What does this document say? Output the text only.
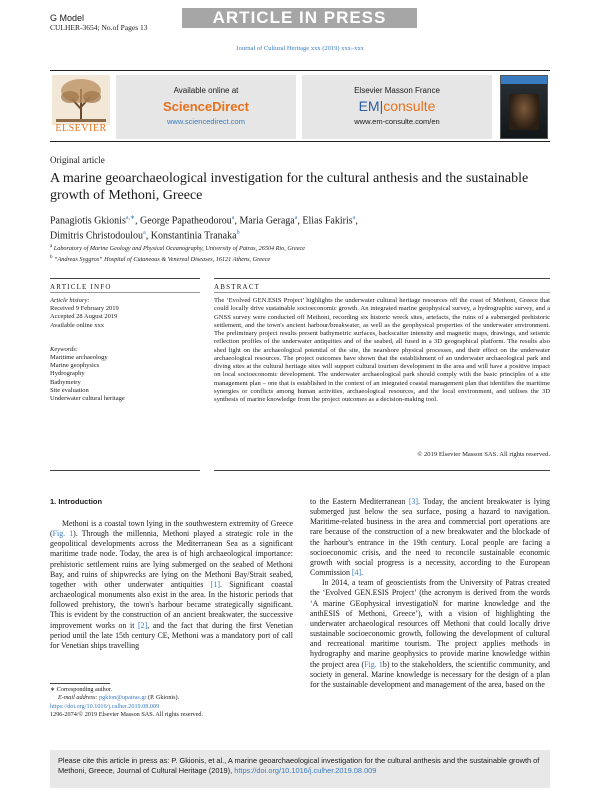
G Model
CULHER-3654; No.of Pages 13
ARTICLE IN PRESS
Journal of Cultural Heritage xxx (2019) xxx–xxx
ELSEVIER
Available online at
ScienceDirect
www.sciencedirect.com
Elsevier Masson France
EM|consulte
www.em-consulte.com/en
Original article
A marine geoarchaeological investigation for the cultural anthesis and the sustainable growth of Methoni, Greece
Panagiotis Gkionis$^{a,∗}$, George Papatheodorou$^a$, Maria Geraga$^a$, Elias Fakiris$^a$,
Dimitris Christodoulou$^a$, Konstantinia Tranaka$^b$
$^a$ Laboratory of Marine Geology and Physical Oceanography, University of Patras, 26504 Rio, Greece
$^b$ “Andreas Syggros” Hospital of Cutaneous & Venereal Diseases, 16121 Athens, Greece
ARTICLE INFO	ABSTRACT
Article history:
Received 9 February 2019
Accepted 28 August 2019
Available online xxx
Keywords:
Maritime archaeology
Marine geophysics
Hydrography
Bathymetry
Site evaluation
Underwater cultural heritage
The ‘Evolved GEN.ESIS Project’ highlights the underwater cultural heritage resources off the coast of Methoni, Greece that could locally drive sustainable socioeconomic growth. An integrated marine geophysical survey, a hydrographic survey, and a GNSS survey were conducted off Methoni, recording six historic wreck sites, artefacts, the ruins of a submerged prehistoric settlement, and the town's ancient harbour/breakwater, as well as the geophysical properties of the underwater environment. The preliminary project results present bathymetric surfaces, backscatter intensity and magnetic maps, drawings, and seismic reflection profiles of the underwater antiquities and of the seabed, all fused in a 3D geographical platform. The results also shed light on the archaeological potential of the site, the nearshore physical processes, and their effect on the underwater archaeological resources. The project outcomes have shown that the establishment of an underwater archaeological park and diving sites at the cultural heritage sites will support cultural tourism development in the area and will have a positive impact on local socioeconomic development. The underwater archaeological park should comply with the basic principles of a site management plan – one that is established in the context of an integrated coastal management plan that identifies the maritime synergies or conflicts among human activities, archaeological resources, and the local environment, and utilises the 3D synthesis of marine knowledge from the project outcomes as a decision-making tool.
© 2019 Elsevier Masson SAS. All rights reserved.
1. Introduction

Methoni is a coastal town lying in the southwestern extremity of Greece (Fig. 1). Through the millennia, Methoni played a strategic role in the geopolitical developments across the Mediterranean Sea as a significant maritime trade node. Today, the area is of high archaeological importance: prehistoric settlement ruins are lying submerged on the seabed of Methoni Bay, and ruins of shipwrecks are lying on the Methoni Bay/Strait seabed, together with other underwater antiquities [1]. Significant coastal archaeological monuments also exist in the area. In the historic periods that followed prehistory, the town's harbour became strategically significant. This is evident by the construction of an ancient breakwater, the successive improvement works on it [2], and the fact that during the first Venetian period until the late 15th century CE, Methoni was a mandatory port of call for Venetian ships travelling

to the Eastern Mediterranean [3]. Today, the ancient breakwater is lying submerged just below the sea surface, posing a hazard to navigation. Maritime-related business in the area and commercial port operations are rare because of the construction of a new breakwater and the blockade of the harbour's entrance in the 19th century. Local people are facing a socioeconomic crisis, and the need to reconcile sustainable economic growth with social progress is a necessity, according to the European Commission [4].

In 2014, a team of geoscientists from the University of Patras created the ‘Evolved GEN.ESIS Project’ (the acronym is derived from the words ‘A marine GEophysical investigatioN for marine knowledge and the anthESIS of Methoni, Greece’), with a vision of highlighting the underwater archaeological resources off Methoni that could locally drive sustainable socioeconomic growth, following the development of cultural and recreational maritime tourism. The project applies methods in hydrography and marine geophysics to provide marine knowledge within the project area (Fig. 1b) to the stakeholders, the scientific community, and society in general. Marine knowledge is necessary for the design of a plan for the sustainable development and management of the area, based on the

∗ Corresponding author.
E-mail address: pgkion@upatras.gr (P. Gkionis).
https://doi.org/10.1016/j.culher.2019.08.009
1296-2074/© 2019 Elsevier Masson SAS. All rights reserved.
Please cite this article in press as: P. Gkionis, et al., A marine geoarchaeological investigation for the cultural anthesis and the sustainable growth of Methoni, Greece, Journal of Cultural Heritage (2019), https://doi.org/10.1016/j.culher.2019.08.009
